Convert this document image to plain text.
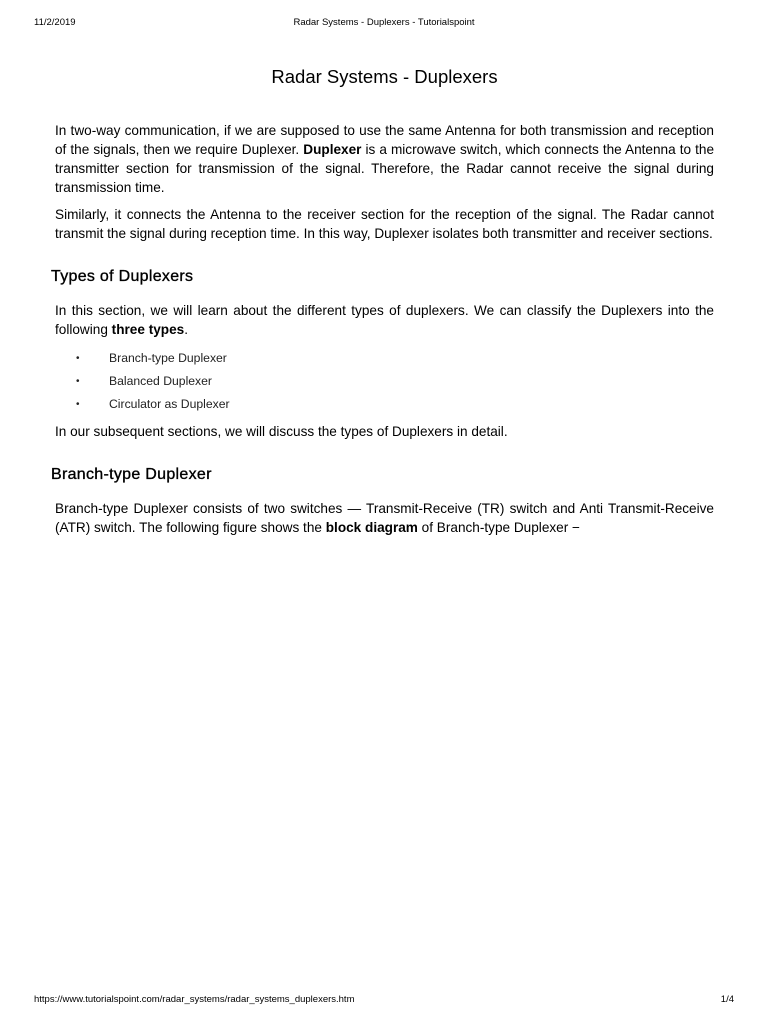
11/2/2019	Radar Systems - Duplexers - Tutorialspoint
Radar Systems - Duplexers

In two-way communication, if we are supposed to use the same Antenna for both transmission and reception of the signals, then we require Duplexer. Duplexer is a microwave switch, which connects the Antenna to the transmitter section for transmission of the signal. Therefore, the Radar cannot receive the signal during transmission time.

Similarly, it connects the Antenna to the receiver section for the reception of the signal. The Radar cannot transmit the signal during reception time. In this way, Duplexer isolates both transmitter and receiver sections.

Types of Duplexers

In this section, we will learn about the different types of duplexers. We can classify the Duplexers into the following three types.

• Branch-type Duplexer
• Balanced Duplexer
• Circulator as Duplexer

In our subsequent sections, we will discuss the types of Duplexers in detail.

Branch-type Duplexer

Branch-type Duplexer consists of two switches — Transmit-Receive (TR) switch and Anti Transmit-Receive (ATR) switch. The following figure shows the block diagram of Branch-type Duplexer −

https://www.tutorialspoint.com/radar_systems/radar_systems_duplexers.htm	1/4
